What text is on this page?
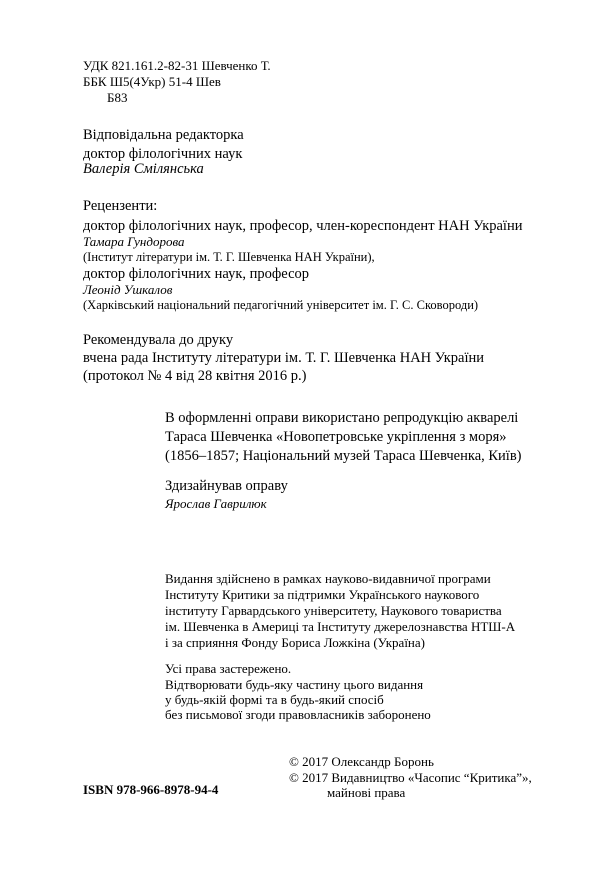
УДК 821.161.2-82-31 Шевченко Т.
ББК Ш5(4Укр) 51-4 Шев
Б83
Відповідальна редакторка
доктор філологічних наук
Валерія Смілянська
Рецензенти:
доктор філологічних наук, професор, член-кореспондент НАН України
Тамара Гундорова
(Інститут літератури ім. Т. Г. Шевченка НАН України),
доктор філологічних наук, професор
Леонід Ушкалов
(Харківський національний педагогічний університет ім. Г. С. Сковороди)
Рекомендувала до друку
вчена рада Інституту літератури ім. Т. Г. Шевченка НАН України
(протокол № 4 від 28 квітня 2016 р.)
В оформленні оправи використано репродукцію акварелі
Тараса Шевченка «Новопетровське укріплення з моря»
(1856–1857; Національний музей Тараса Шевченка, Київ)
Здизайнував оправу
Ярослав Гаврилюк
Видання здійснено в рамках науково-видавничої програми
Інституту Критики за підтримки Українського наукового
інституту Гарвардського університету, Наукового товариства
ім. Шевченка в Америці та Інституту джерелознавства НТШ-А
і за сприяння Фонду Бориса Ложкіна (Україна)
Усі права застережено.
Відтворювати будь-яку частину цього видання
у будь-якій формі та в будь-який спосіб
без письмової згоди правовласників заборонено
© 2017 Олександр Боронь
© 2017 Видавництво «Часопис “Критика”»,
майнові права
ISBN 978-966-8978-94-4
